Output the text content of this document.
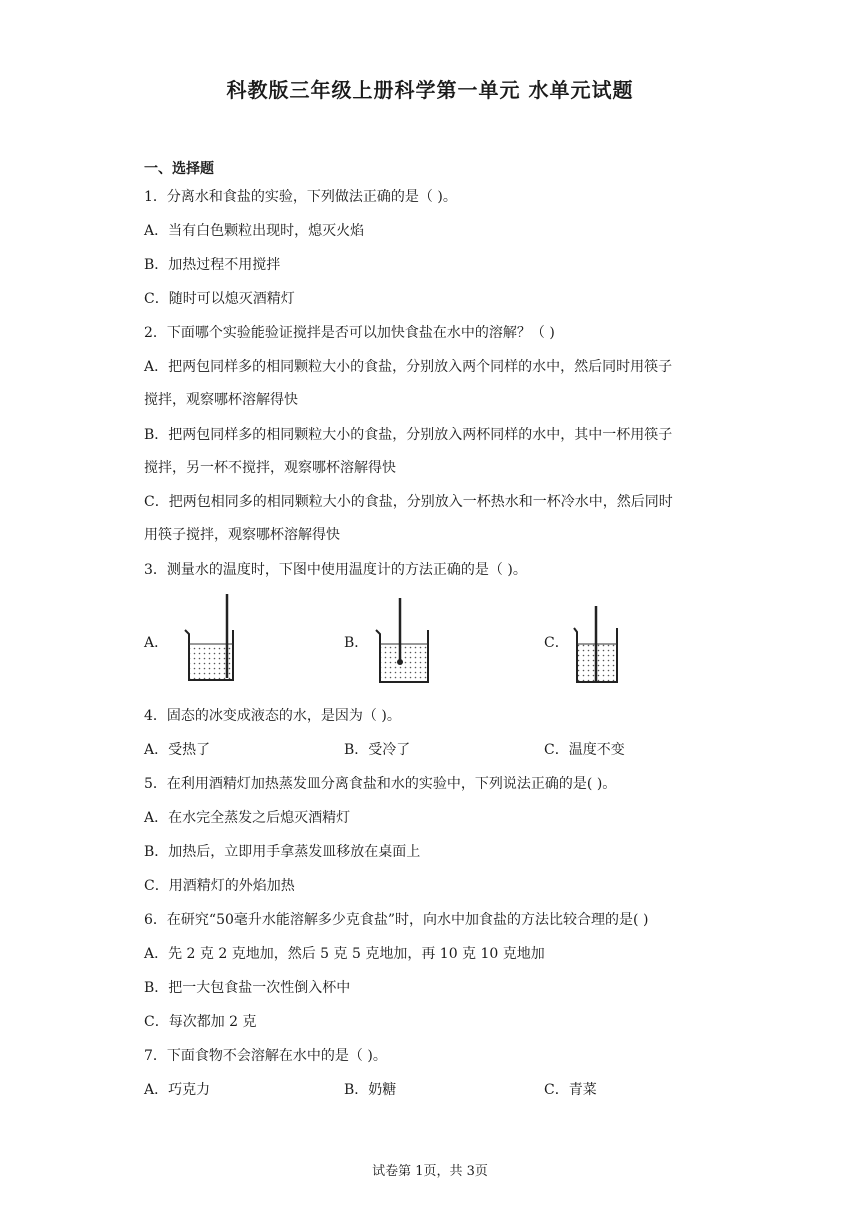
科教版三年级上册科学第一单元 水单元试题
一、选择题
1．分离水和食盐的实验，下列做法正确的是（ )。
A．当有白色颗粒出现时，熄灭火焰
B．加热过程不用搅拌
C．随时可以熄灭酒精灯
2．下面哪个实验能验证搅拌是否可以加快食盐在水中的溶解？（ )
A．把两包同样多的相同颗粒大小的食盐，分别放入两个同样的水中，然后同时用筷子
搅拌，观察哪杯溶解得快
B．把两包同样多的相同颗粒大小的食盐，分别放入两杯同样的水中，其中一杯用筷子
搅拌，另一杯不搅拌，观察哪杯溶解得快
C．把两包相同多的相同颗粒大小的食盐，分别放入一杯热水和一杯冷水中，然后同时
用筷子搅拌，观察哪杯溶解得快
3．测量水的温度时，下图中使用温度计的方法正确的是（ )。
A．	B．	C．
4．固态的冰变成液态的水，是因为（ )。
A．受热了	B．受冷了	C．温度不变
5．在利用酒精灯加热蒸发皿分离食盐和水的实验中，下列说法正确的是( )。
A．在水完全蒸发之后熄灭酒精灯
B．加热后，立即用手拿蒸发皿移放在桌面上
C．用酒精灯的外焰加热
6．在研究“50毫升水能溶解多少克食盐”时，向水中加食盐的方法比较合理的是( )
A．先 2 克 2 克地加，然后 5 克 5 克地加，再 10 克 10 克地加
B．把一大包食盐一次性倒入杯中
C．每次都加 2 克
7．下面食物不会溶解在水中的是（ )。
A．巧克力	B．奶糖	C．青菜
试卷第 1页，共 3页
